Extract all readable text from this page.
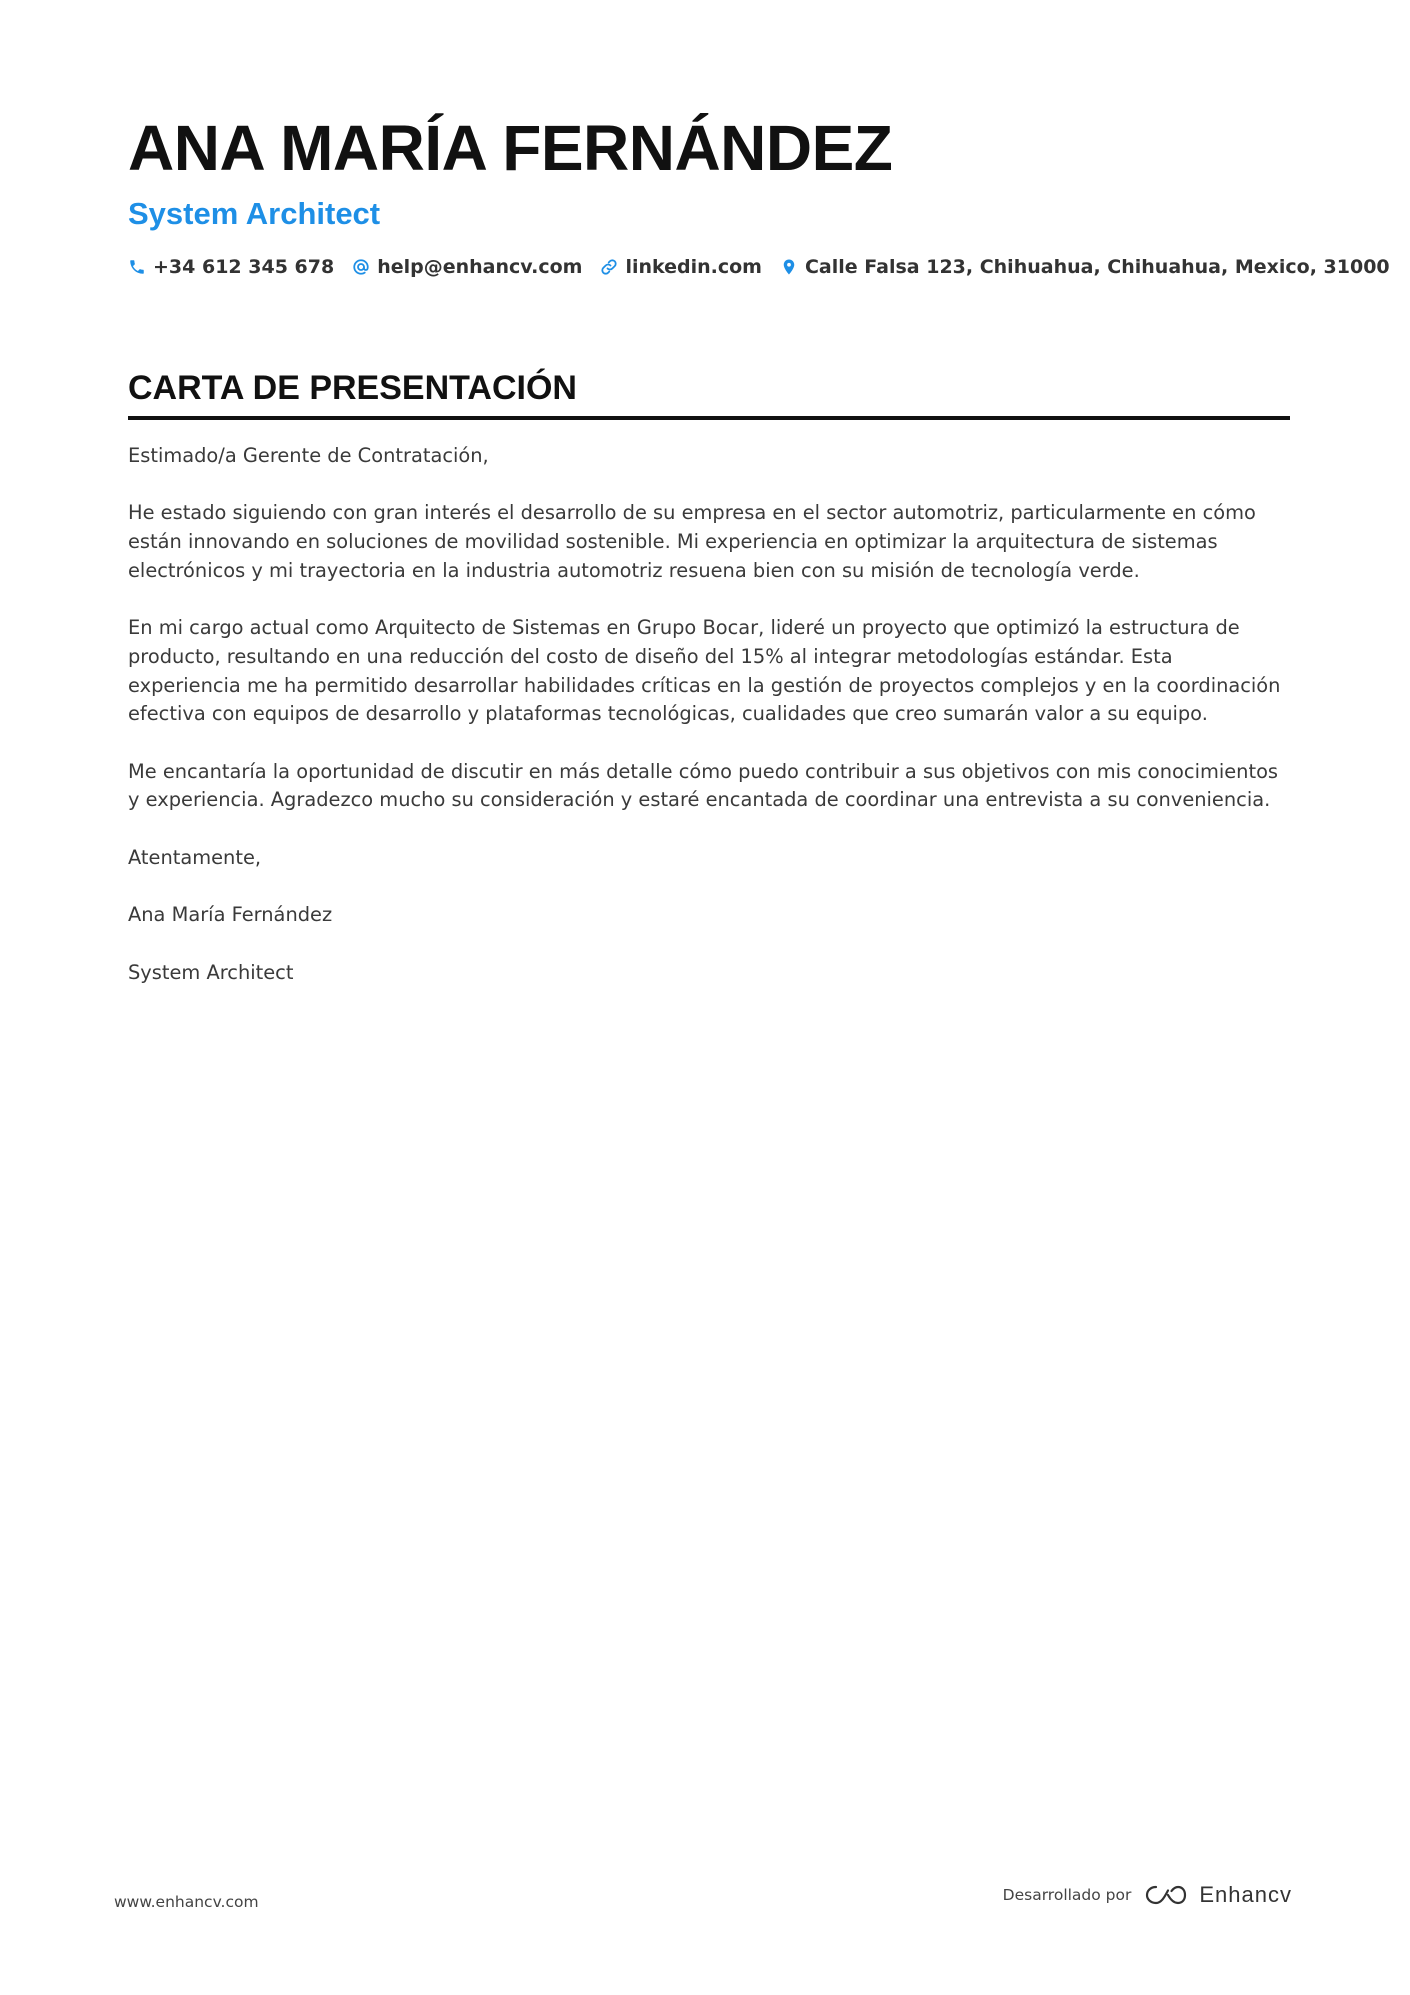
ANA MARÍA FERNÁNDEZ
System Architect
+34 612 345 678 help@enhancv.com linkedin.com Calle Falsa 123, Chihuahua, Chihuahua, Mexico, 31000
CARTA DE PRESENTACIÓN

Estimado/a Gerente de Contratación,

He estado siguiendo con gran interés el desarrollo de su empresa en el sector automotriz, particularmente en cómo están innovando en soluciones de movilidad sostenible. Mi experiencia en optimizar la arquitectura de sistemas electrónicos y mi trayectoria en la industria automotriz resuena bien con su misión de tecnología verde.

En mi cargo actual como Arquitecto de Sistemas en Grupo Bocar, lideré un proyecto que optimizó la estructura de producto, resultando en una reducción del costo de diseño del 15% al integrar metodologías estándar. Esta experiencia me ha permitido desarrollar habilidades críticas en la gestión de proyectos complejos y en la coordinación efectiva con equipos de desarrollo y plataformas tecnológicas, cualidades que creo sumarán valor a su equipo.

Me encantaría la oportunidad de discutir en más detalle cómo puedo contribuir a sus objetivos con mis conocimientos y experiencia. Agradezco mucho su consideración y estaré encantada de coordinar una entrevista a su conveniencia.

Atentamente,

Ana María Fernández

System Architect

www.enhancv.com	Desarrollado por	Enhancv
